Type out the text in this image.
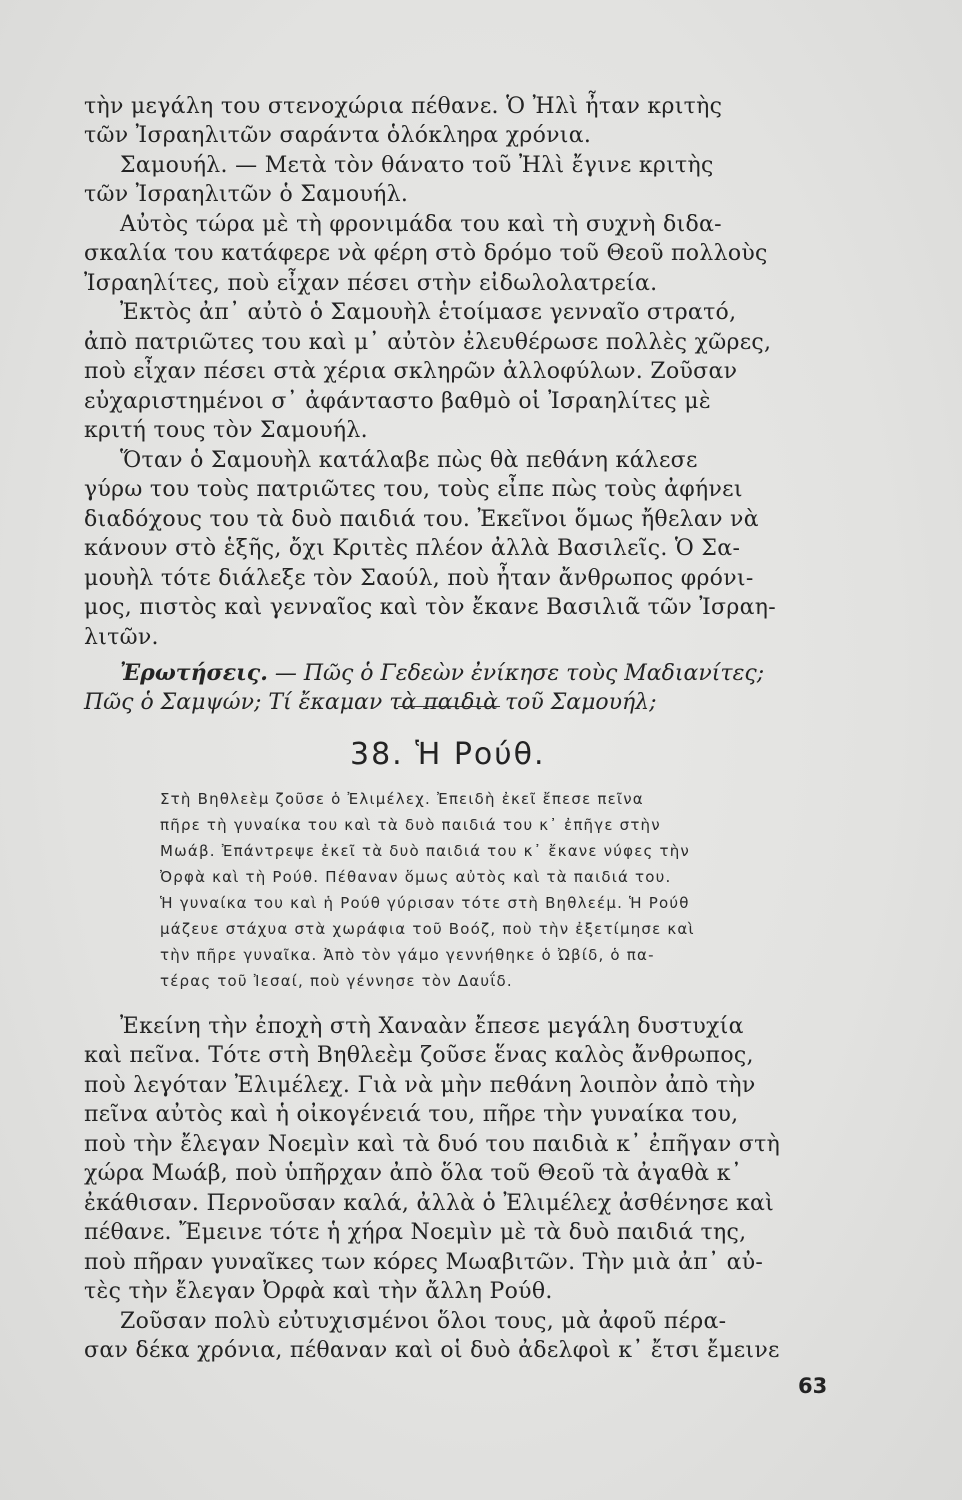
τὴν μεγάλη του στενοχώρια πέθανε. Ὁ Ἠλὶ ἦταν κριτὴς

τῶν Ἰσραηλιτῶν σαράντα ὁλόκληρα χρόνια.

Σαμουήλ. — Μετὰ τὸν θάνατο τοῦ Ἠλὶ ἔγινε κριτὴς

τῶν Ἰσραηλιτῶν ὁ Σαμουήλ.

Αὐτὸς τώρα μὲ τὴ φρονιμάδα του καὶ τὴ συχνὴ διδα-

σκαλία του κατάφερε νὰ φέρη στὸ δρόμο τοῦ Θεοῦ πολλοὺς

Ἰσραηλίτες, ποὺ εἶχαν πέσει στὴν εἰδωλολατρεία.

Ἐκτὸς ἀπ᾽ αὐτὸ ὁ Σαμουὴλ ἑτοίμασε γενναῖο στρατό,

ἀπὸ πατριῶτες του καὶ μ᾽ αὐτὸν ἐλευθέρωσε πολλὲς χῶρες,

ποὺ εἶχαν πέσει στὰ χέρια σκληρῶν ἀλλοφύλων. Ζοῦσαν

εὐχαριστημένοι σ᾽ ἀφάνταστο βαθμὸ οἱ Ἰσραηλίτες μὲ

κριτή τους τὸν Σαμουήλ.

Ὅταν ὁ Σαμουὴλ κατάλαβε πὼς θὰ πεθάνη κάλεσε

γύρω του τοὺς πατριῶτες του, τοὺς εἶπε πὼς τοὺς ἀφήνει

διαδόχους του τὰ δυὸ παιδιά του. Ἐκεῖνοι ὅμως ἤθελαν νὰ

κάνουν στὸ ἑξῆς, ὄχι Κριτὲς πλέον ἀλλὰ Βασιλεῖς. Ὁ Σα-

μουὴλ τότε διάλεξε τὸν Σαούλ, ποὺ ἦταν ἄνθρωπος φρόνι-

μος, πιστὸς καὶ γενναῖος καὶ τὸν ἔκανε Βασιλιᾶ τῶν Ἰσραη-

λιτῶν.

Ἐρωτήσεις. — Πῶς ὁ Γεδεὼν ἐνίκησε τοὺς Μαδιανίτες;

Πῶς ὁ Σαμψών; Τί ἔκαμαν τὰ παιδιὰ τοῦ Σαμουήλ;

38. Ἡ Ρούθ.

Στὴ Βηθλεὲμ ζοῦσε ὁ Ἐλιμέλεχ. Ἐπειδὴ ἐκεῖ ἔπεσε πεῖνα

πῆρε τὴ γυναίκα του καὶ τὰ δυὸ παιδιά του κ᾽ ἐπῆγε στὴν

Μωάβ. Ἐπάντρεψε ἐκεῖ τὰ δυὸ παιδιά του κ᾽ ἔκανε νύφες τὴν

Ὀρφὰ καὶ τὴ Ρούθ. Πέθαναν ὅμως αὐτὸς καὶ τὰ παιδιά του.

Ἡ γυναίκα του καὶ ἡ Ρούθ γύρισαν τότε στὴ Βηθλεέμ. Ἡ Ρούθ

μάζευε στάχυα στὰ χωράφια τοῦ Βοόζ, ποὺ τὴν ἐξετίμησε καὶ

τὴν πῆρε γυναῖκα. Ἀπὸ τὸν γάμο γεννήθηκε ὁ Ὠβίδ, ὁ πα-

τέρας τοῦ Ἰεσαί, ποὺ γέννησε τὸν Δαυΐδ.

Ἐκείνη τὴν ἐποχὴ στὴ Χαναὰν ἔπεσε μεγάλη δυστυχία

καὶ πεῖνα. Τότε στὴ Βηθλεὲμ ζοῦσε ἕνας καλὸς ἄνθρωπος,

ποὺ λεγόταν Ἐλιμέλεχ. Γιὰ νὰ μὴν πεθάνη λοιπὸν ἀπὸ τὴν

πεῖνα αὐτὸς καὶ ἡ οἰκογένειά του, πῆρε τὴν γυναίκα του,

ποὺ τὴν ἔλεγαν Νοεμὶν καὶ τὰ δυό του παιδιὰ κ᾽ ἐπῆγαν στὴ

χώρα Μωάβ, ποὺ ὑπῆρχαν ἀπὸ ὅλα τοῦ Θεοῦ τὰ ἀγαθὰ κ᾽

ἐκάθισαν. Περνοῦσαν καλά, ἀλλὰ ὁ Ἐλιμέλεχ ἀσθένησε καὶ

πέθανε. Ἔμεινε τότε ἡ χήρα Νοεμὶν μὲ τὰ δυὸ παιδιά της,

ποὺ πῆραν γυναῖκες των κόρες Μωαβιτῶν. Τὴν μιὰ ἀπ᾽ αὐ-

τὲς τὴν ἔλεγαν Ὀρφὰ καὶ τὴν ἄλλη Ρούθ.

Ζοῦσαν πολὺ εὐτυχισμένοι ὅλοι τους, μὰ ἀφοῦ πέρα-

σαν δέκα χρόνια, πέθαναν καὶ οἱ δυὸ ἀδελφοὶ κ᾽ ἔτσι ἔμεινε

63
